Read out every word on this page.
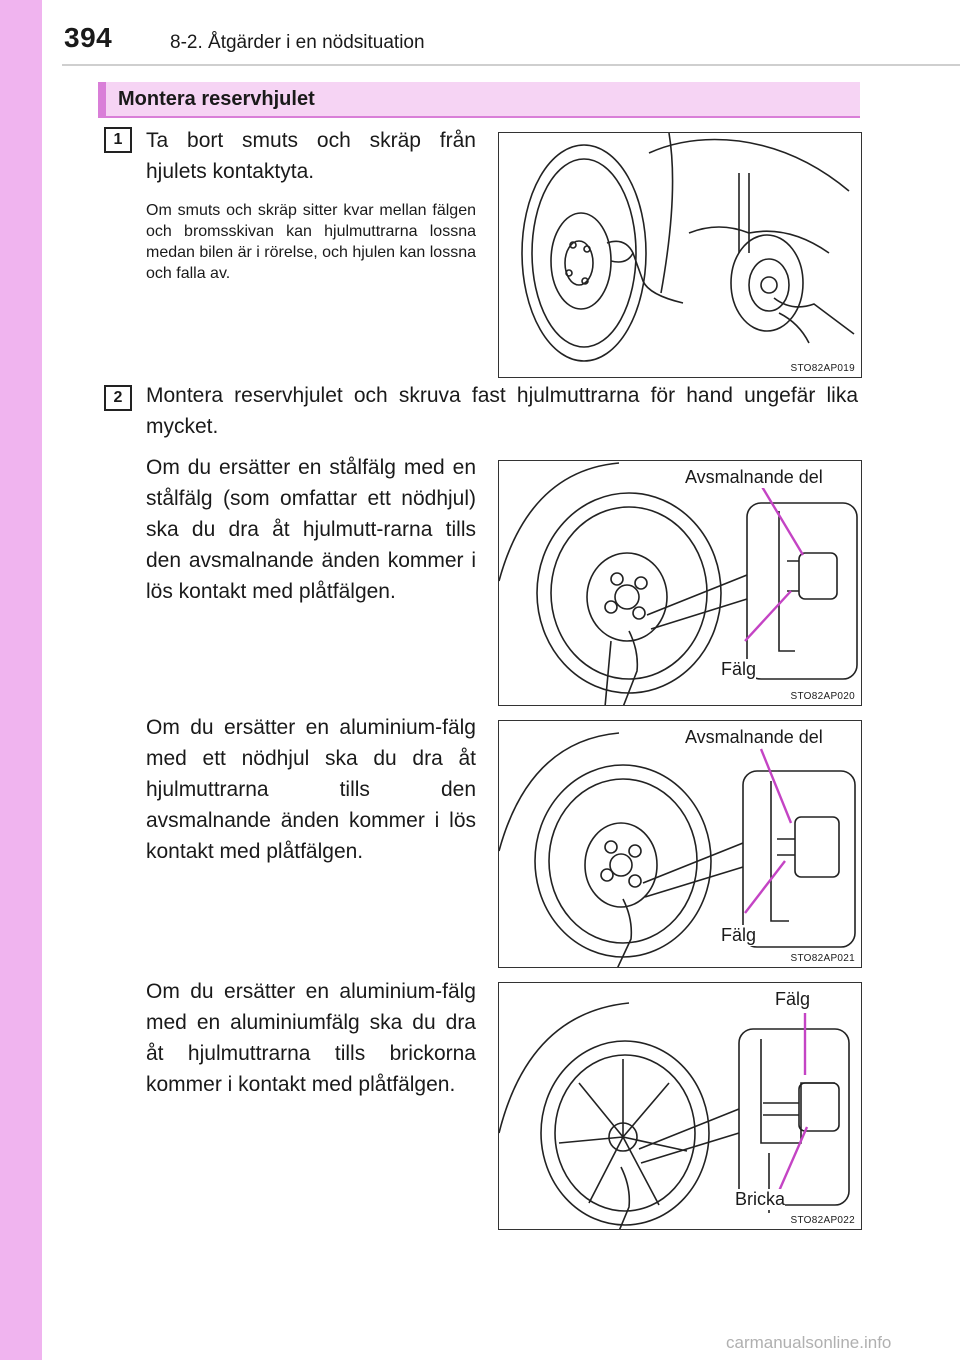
394	8-2. Åtgärder i en nödsituation
Montera reservhjulet
1	Ta bort smuts och skräp från hjulets kontaktyta.
Om smuts och skräp sitter kvar mellan fälgen och bromsskivan kan hjulmuttrarna lossna medan bilen är i rörelse, och hjulen kan lossna och falla av.
STO82AP019
2	Montera reservhjulet och skruva fast hjulmuttrarna för hand ungefär lika mycket.
Om du ersätter en stålfälg med en stålfälg (som omfattar ett nödhjul) ska du dra åt hjulmutt-rarna tills den avsmalnande änden kommer i lös kontakt med plåtfälgen.
Avsmalnande del
Fälg
STO82AP020
Om du ersätter en aluminium-fälg med ett nödhjul ska du dra åt hjulmuttrarna tills den avsmalnande änden kommer i lös kontakt med plåtfälgen.
Avsmalnande del
Fälg
STO82AP021
Om du ersätter en aluminium-fälg med en aluminiumfälg ska du dra åt hjulmuttrarna tills brickorna kommer i kontakt med plåtfälgen.
Fälg
Bricka
STO82AP022
carmanualsonline.info
